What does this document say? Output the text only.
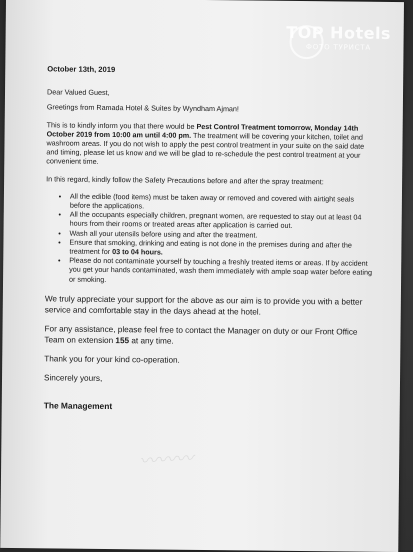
TOP Hotels
ФОТО ТУРИСТА
October 13th, 2019

Dear Valued Guest,

Greetings from Ramada Hotel & Suites by Wyndham Ajman!

This is to kindly inform you that there would be Pest Control Treatment tomorrow, Monday 14th October 2019 from 10:00 am until 4:00 pm. The treatment will be covering your kitchen, toilet and washroom areas. If you do not wish to apply the pest control treatment in your suite on the said date and timing, please let us know and we will be glad to re-schedule the pest control treatment at your convenient time.

In this regard, kindly follow the Safety Precautions before and after the spray treatment:

• All the edible (food items) must be taken away or removed and covered with airtight seals before the applications.
• All the occupants especially children, pregnant women, are requested to stay out at least 04 hours from their rooms or treated areas after application is carried out.
• Wash all your utensils before using and after the treatment.
• Ensure that smoking, drinking and eating is not done in the premises during and after the treatment for 03 to 04 hours.
• Please do not contaminate yourself by touching a freshly treated items or areas. If by accident you get your hands contaminated, wash them immediately with ample soap water before eating or smoking.

We truly appreciate your support for the above as our aim is to provide you with a better service and comfortable stay in the days ahead at the hotel.

For any assistance, please feel free to contact the Manager on duty or our Front Office Team on extension 155 at any time.

Thank you for your kind co-operation.

Sincerely yours,

The Management
〰〰〰
